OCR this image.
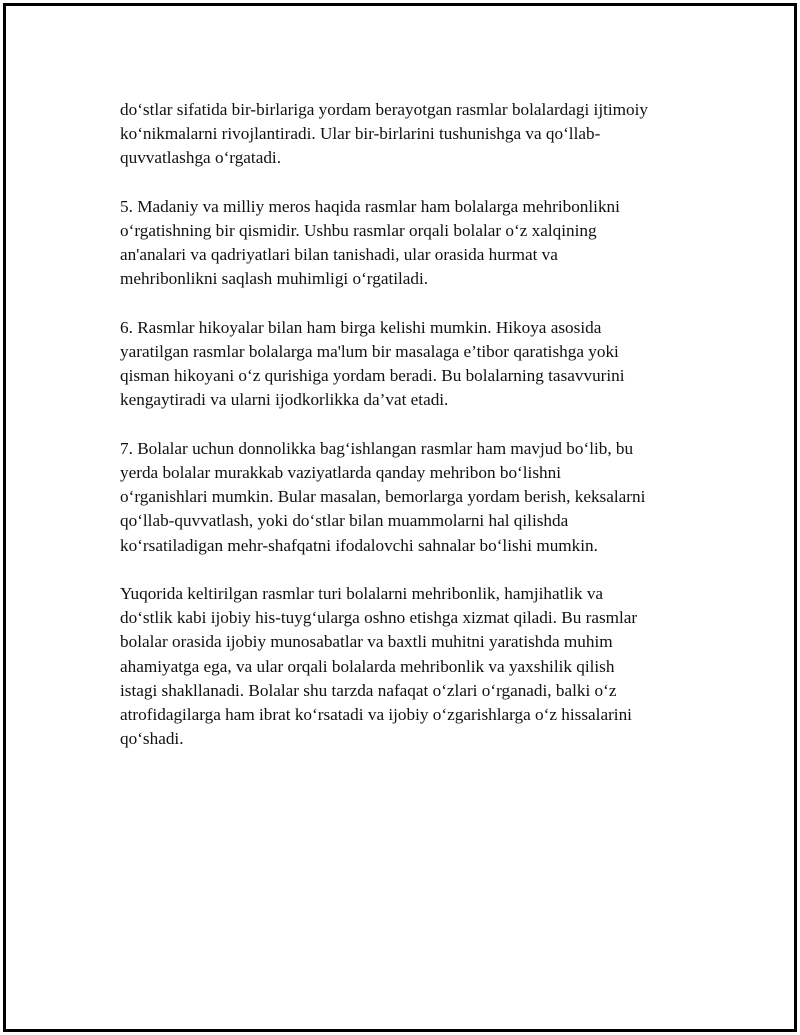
do‘stlar sifatida bir-birlariga yordam berayotgan rasmlar bolalardagi ijtimoiy
ko‘nikmalarni rivojlantiradi. Ular bir-birlarini tushunishga va qo‘llab-
quvvatlashga o‘rgatadi.

5. Madaniy va milliy meros haqida rasmlar ham bolalarga mehribonlikni
o‘rgatishning bir qismidir. Ushbu rasmlar orqali bolalar o‘z xalqining
an'analari va qadriyatlari bilan tanishadi, ular orasida hurmat va
mehribonlikni saqlash muhimligi o‘rgatiladi.

6. Rasmlar hikoyalar bilan ham birga kelishi mumkin. Hikoya asosida
yaratilgan rasmlar bolalarga ma'lum bir masalaga e’tibor qaratishga yoki
qisman hikoyani o‘z qurishiga yordam beradi. Bu bolalarning tasavvurini
kengaytiradi va ularni ijodkorlikka da’vat etadi.

7. Bolalar uchun donnolikka bag‘ishlangan rasmlar ham mavjud bo‘lib, bu
yerda bolalar murakkab vaziyatlarda qanday mehribon bo‘lishni
o‘rganishlari mumkin. Bular masalan, bemorlarga yordam berish, keksalarni
qo‘llab-quvvatlash, yoki do‘stlar bilan muammolarni hal qilishda
ko‘rsatiladigan mehr-shafqatni ifodalovchi sahnalar bo‘lishi mumkin.

Yuqorida keltirilgan rasmlar turi bolalarni mehribonlik, hamjihatlik va
do‘stlik kabi ijobiy his-tuyg‘ularga oshno etishga xizmat qiladi. Bu rasmlar
bolalar orasida ijobiy munosabatlar va baxtli muhitni yaratishda muhim
ahamiyatga ega, va ular orqali bolalarda mehribonlik va yaxshilik qilish
istagi shakllanadi. Bolalar shu tarzda nafaqat o‘zlari o‘rganadi, balki o‘z
atrofidagilarga ham ibrat ko‘rsatadi va ijobiy o‘zgarishlarga o‘z hissalarini
qo‘shadi.
